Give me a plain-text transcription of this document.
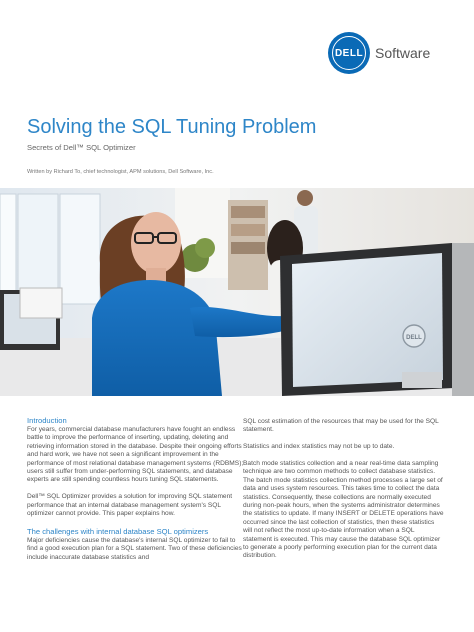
DELL Software
Solving the SQL Tuning Problem
Secrets of Dell™ SQL Optimizer
Written by Richard To, chief technologist, APM solutions, Dell Software, Inc.
DELL
Introduction

For years, commercial database manufacturers have fought an endless battle to improve the performance of inserting, updating, deleting and retrieving information stored in the database. Despite their ongoing efforts and hard work, we have not seen a significant improvement in the performance of most relational database management systems (RDBMS); users still suffer from under-performing SQL statements, and database experts are still spending countless hours tuning SQL statements.

Dell™ SQL Optimizer provides a solution for improving SQL statement performance that an internal database management system's SQL optimizer cannot provide. This paper explains how.

The challenges with internal database SQL optimizers

Major deficiencies cause the database's internal SQL optimizer to fail to find a good execution plan for a SQL statement. Two of these deficiencies include inaccurate database statistics and

SQL cost estimation of the resources that may be used for the SQL statement.

Statistics and index statistics may not be up to date.

Batch mode statistics collection and a near real-time data sampling technique are two common methods to collect database statistics. The batch mode statistics collection method processes a large set of data and uses system resources. This takes time to collect the data statistics. Consequently, these collections are normally executed during non-peak hours, when the systems administrator determines the statistics to update. If many INSERT or DELETE operations have occurred since the last collection of statistics, then these statistics will not reflect the most up-to-date information when a SQL statement is executed. This may cause the database SQL optimizer to generate a poorly performing execution plan for the current data distribution.
